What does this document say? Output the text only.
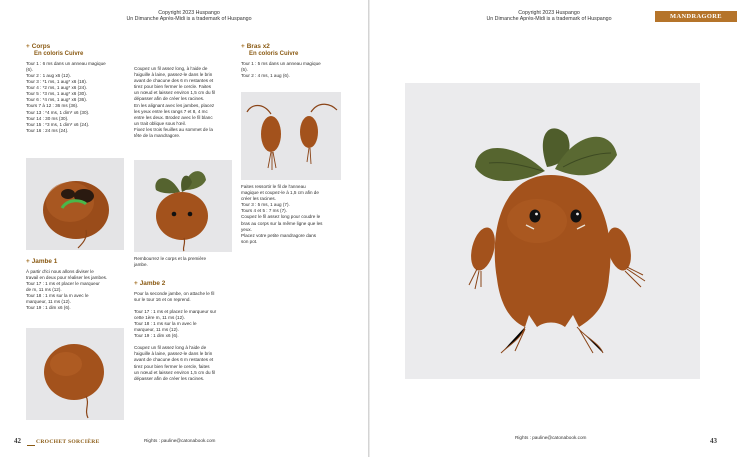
Copyright 2023 Huspango
Un Dimanche Après-Midi is a trademark of Huspango
+ Corps
En coloris Cuivre

Tour 1 : 6 ms dans un anneau magique

(6).

Tour 2 : 1 aug x6 (12).

Tour 3 : *1 ms, 1 aug* x6 (18).

Tour 4 : *2 ms, 1 aug* x6 (24).

Tour 5 : *3 ms, 1 aug* x6 (30).

Tour 6 : *4 ms, 1 aug* x6 (36).

Tours 7 à 12 : 36 ms (36).

Tour 13 : *4 ms, 1 dim* x6 (30).

Tour 14 : 30 ms (30).

Tour 15 : *3 ms, 1 dim* x6 (24).

Tour 16 : 24 ms (24).

Coupez un fil assez long, à l'aide de

l'aiguille à laine, passez-le dans le brin

avant de chacune des 6 m restantes et

tirez pour bien fermer le cercle. Faites

un nœud et laissez environ 1,5 cm du fil

dépasser afin de créer les racines.

En les alignant avec les jambes, placez

les yeux entre les rangs 7 et 8, 4 mc

entre les deux. Brodez avec le fil blanc

un trait oblique sous l'œil.

Fixez les trois feuilles au sommet de la

tête de la mandragore.

Rembourrez le corps et la première

jambe.

+ Jambe 1

À partir d'ici nous allons diviser le

travail en deux pour réaliser les jambes.

Tour 17 : 1 ms et placer le marqueur

de m, 11 ms (12).

Tour 18 : 1 ms sur la m avec le

marqueur, 11 ms (12).

Tour 19 : 1 dim x6 (6).

+ Jambe 2

Pour la seconde jambe, on attache le fil

sur le tour 16 et on reprend.

Tour 17 : 1 ms et placez le marqueur sur

cette 1ère m, 11 ms (12).

Tour 18 : 1 ms sur la m avec le

marqueur, 11 ms (12).

Tour 19 : 1 dim x6 (6).

Coupez un fil assez long à l'aide de

l'aiguille à laine, passez-le dans le brin

avant de chacune des 6 m restantes et

tirez pour bien fermer le cercle, faites

un nœud et laissez environ 1,5 cm du fil

dépasser afin de créer les racines.

+ Bras x2
En coloris Cuivre

Tour 1 : 5 ms dans un anneau magique

(5).

Tour 2 : 4 ms, 1 aug (6).

Faites ressortir le fil de l'anneau

magique et coupez-le à 1,5 cm afin de

créer les racines.

Tour 3 : 5 ms, 1 aug (7).

Tours 4 et 5 : 7 ms (7).

Coupez le fil assez long pour coudre le

bras au corps sur la même ligne que les

yeux.

Placez votre petite mandragore dans

son pot.

42	CROCHET SORCIÈRE	Rights : pauline@catonabook.com
Copyright 2023 Huspango
Un Dimanche Après-Midi is a trademark of Huspango	MANDRAGORE
Rights : pauline@catonabook.com	43
